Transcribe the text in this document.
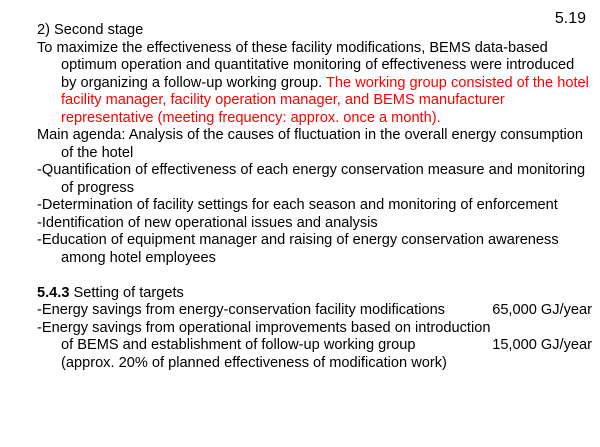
5.19

2) Second stage

To maximize the effectiveness of these facility modifications, BEMS data-based optimum operation and quantitative monitoring of effectiveness were introduced by organizing a follow-up working group. The working group consisted of the hotel facility manager, facility operation manager, and BEMS manufacturer representative (meeting frequency: approx. once a month).

Main agenda: Analysis of the causes of fluctuation in the overall energy consumption of the hotel

-Quantification of effectiveness of each energy conservation measure and monitoring of progress

-Determination of facility settings for each season and monitoring of enforcement

-Identification of new operational issues and analysis

-Education of equipment manager and raising of energy conservation awareness among hotel employees

5.4.3 Setting of targets

-Energy savings from energy-conservation facility modifications	65,000 GJ/year
-Energy savings from operational improvements based on introduction
of BEMS and establishment of follow-up working group	15,000 GJ/year
(approx. 20% of planned effectiveness of modification work)
